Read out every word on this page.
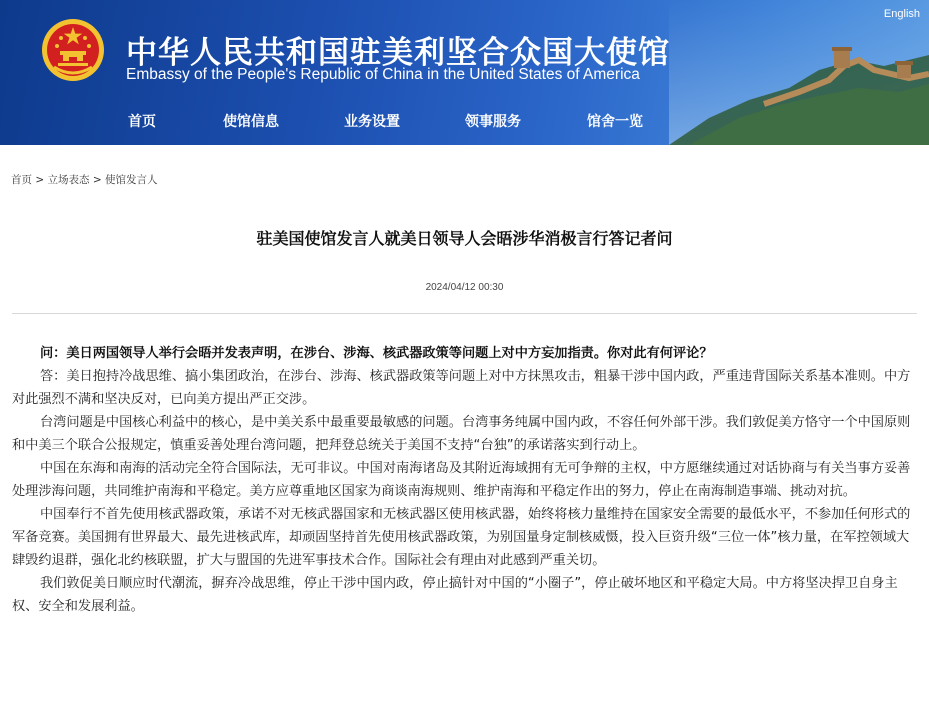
中华人民共和国驻美利坚合众国大使馆
Embassy of the People's Republic of China in the United States of America
English
首页	使馆信息	业务设置	领事服务	馆舍一览
首页 > 立场表态 > 使馆发言人
驻美国使馆发言人就美日领导人会晤涉华消极言行答记者问
2024/04/12 00:30

问：美日两国领导人举行会晤并发表声明，在涉台、涉海、核武器政策等问题上对中方妄加指责。你对此有何评论？

答：美日抱持冷战思维、搞小集团政治，在涉台、涉海、核武器政策等问题上对中方抹黑攻击，粗暴干涉中国内政，严重违背国际关系基本准则。中方对此强烈不满和坚决反对，已向美方提出严正交涉。

台湾问题是中国核心利益中的核心，是中美关系中最重要最敏感的问题。台湾事务纯属中国内政，不容任何外部干涉。我们敦促美方恪守一个中国原则和中美三个联合公报规定，慎重妥善处理台湾问题，把拜登总统关于美国不支持“台独”的承诺落实到行动上。

中国在东海和南海的活动完全符合国际法，无可非议。中国对南海诸岛及其附近海域拥有无可争辩的主权，中方愿继续通过对话协商与有关当事方妥善处理涉海问题，共同维护南海和平稳定。美方应尊重地区国家为商谈南海规则、维护南海和平稳定作出的努力，停止在南海制造事端、挑动对抗。

中国奉行不首先使用核武器政策，承诺不对无核武器国家和无核武器区使用核武器，始终将核力量维持在国家安全需要的最低水平，不参加任何形式的军备竞赛。美国拥有世界最大、最先进核武库，却顽固坚持首先使用核武器政策，为别国量身定制核威慑，投入巨资升级“三位一体”核力量，在军控领域大肆毁约退群，强化北约核联盟，扩大与盟国的先进军事技术合作。国际社会有理由对此感到严重关切。

我们敦促美日顺应时代潮流，摒弃冷战思维，停止干涉中国内政，停止搞针对中国的“小圈子”，停止破坏地区和平稳定大局。中方将坚决捍卫自身主权、安全和发展利益。
